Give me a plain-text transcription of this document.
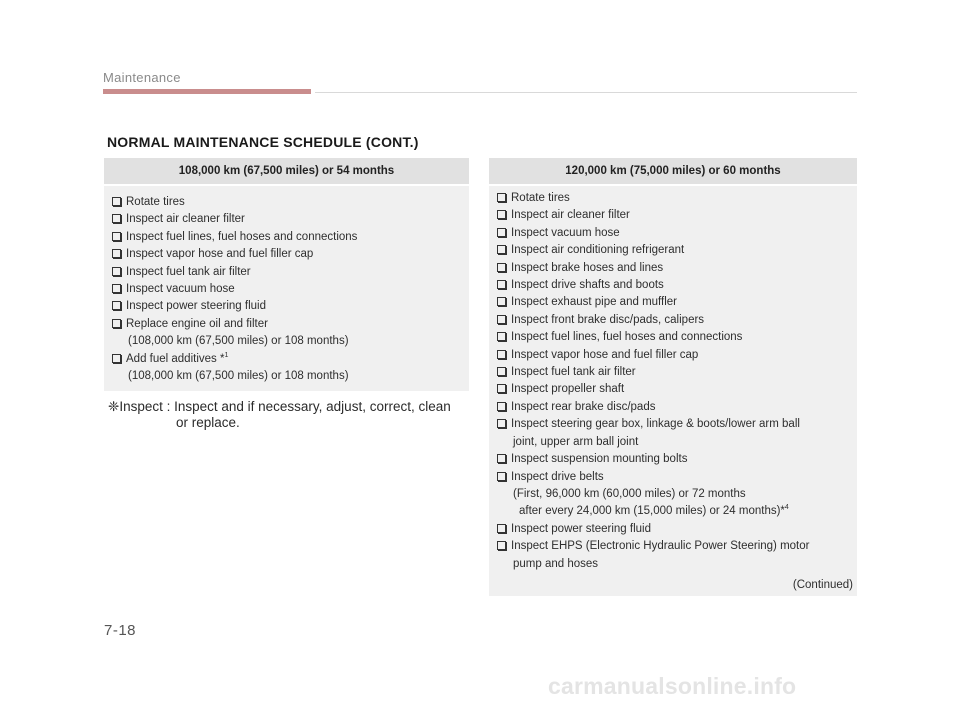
Maintenance
NORMAL MAINTENANCE SCHEDULE (CONT.)
108,000 km (67,500 miles) or 54 months
Rotate tires
Inspect air cleaner filter
Inspect fuel lines, fuel hoses and connections
Inspect vapor hose and fuel filler cap
Inspect fuel tank air filter
Inspect vacuum hose
Inspect power steering fluid
Replace engine oil and filter
(108,000 km (67,500 miles) or 108 months)
Add fuel additives *$^1$
(108,000 km (67,500 miles) or 108 months)
120,000 km (75,000 miles) or 60 months
Rotate tires
Inspect air cleaner filter
Inspect vacuum hose
Inspect air conditioning refrigerant
Inspect brake hoses and lines
Inspect drive shafts and boots
Inspect exhaust pipe and muffler
Inspect front brake disc/pads, calipers
Inspect fuel lines, fuel hoses and connections
Inspect vapor hose and fuel filler cap
Inspect fuel tank air filter
Inspect propeller shaft
Inspect rear brake disc/pads
Inspect steering gear box, linkage & boots/lower arm ball
joint, upper arm ball joint
Inspect suspension mounting bolts
Inspect drive belts
(First, 96,000 km (60,000 miles) or 72 months
after every 24,000 km (15,000 miles) or 24 months)*$^4$
Inspect power steering fluid
Inspect EHPS (Electronic Hydraulic Power Steering) motor
pump and hoses
(Continued)
❈Inspect : Inspect and if necessary, adjust, correct, clean
or replace.
7-18
carmanualsonline.info
